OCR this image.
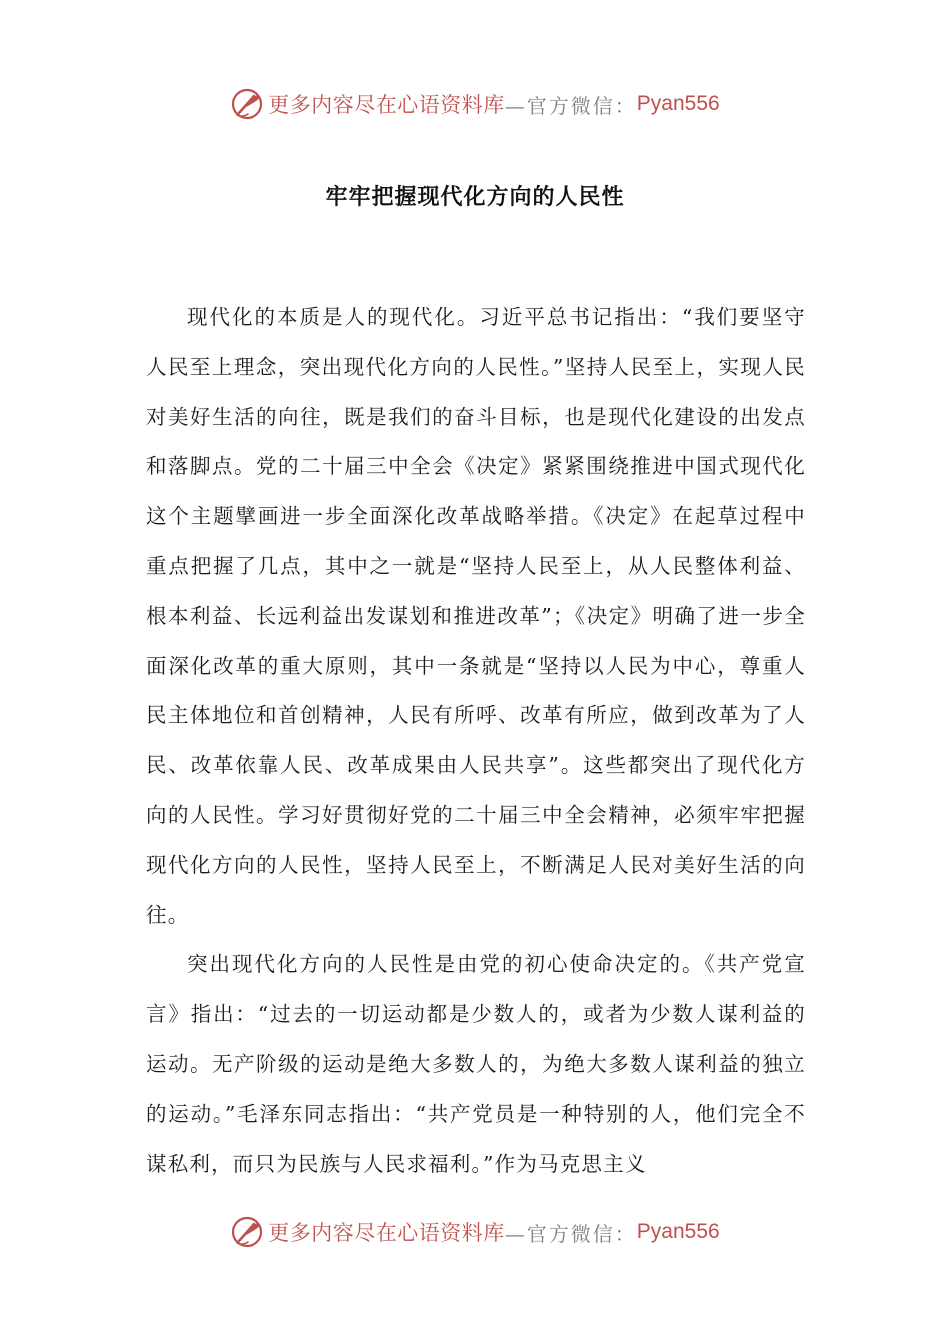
更多内容尽在心语资料库 —官方微信： Pyan556
牢牢把握现代化方向的人民性

现代化的本质是人的现代化。习近平总书记指出：“我们要坚守人民至上理念，突出现代化方向的人民性。”坚持人民至上，实现人民对美好生活的向往，既是我们的奋斗目标，也是现代化建设的出发点和落脚点。党的二十届三中全会《决定》紧紧围绕推进中国式现代化这个主题擘画进一步全面深化改革战略举措。《决定》在起草过程中重点把握了几点，其中之一就是“坚持人民至上，从人民整体利益、根本利益、长远利益出发谋划和推进改革”；《决定》明确了进一步全面深化改革的重大原则，其中一条就是“坚持以人民为中心，尊重人民主体地位和首创精神，人民有所呼、改革有所应，做到改革为了人民、改革依靠人民、改革成果由人民共享”。这些都突出了现代化方向的人民性。学习好贯彻好党的二十届三中全会精神，必须牢牢把握现代化方向的人民性，坚持人民至上，不断满足人民对美好生活的向往。

突出现代化方向的人民性是由党的初心使命决定的。《共产党宣言》指出：“过去的一切运动都是少数人的，或者为少数人谋利益的运动。无产阶级的运动是绝大多数人的，为绝大多数人谋利益的独立的运动。”毛泽东同志指出：“共产党员是一种特别的人，他们完全不谋私利，而只为民族与人民求福利。”作为马克思主义

更多内容尽在心语资料库 —官方微信： Pyan556
